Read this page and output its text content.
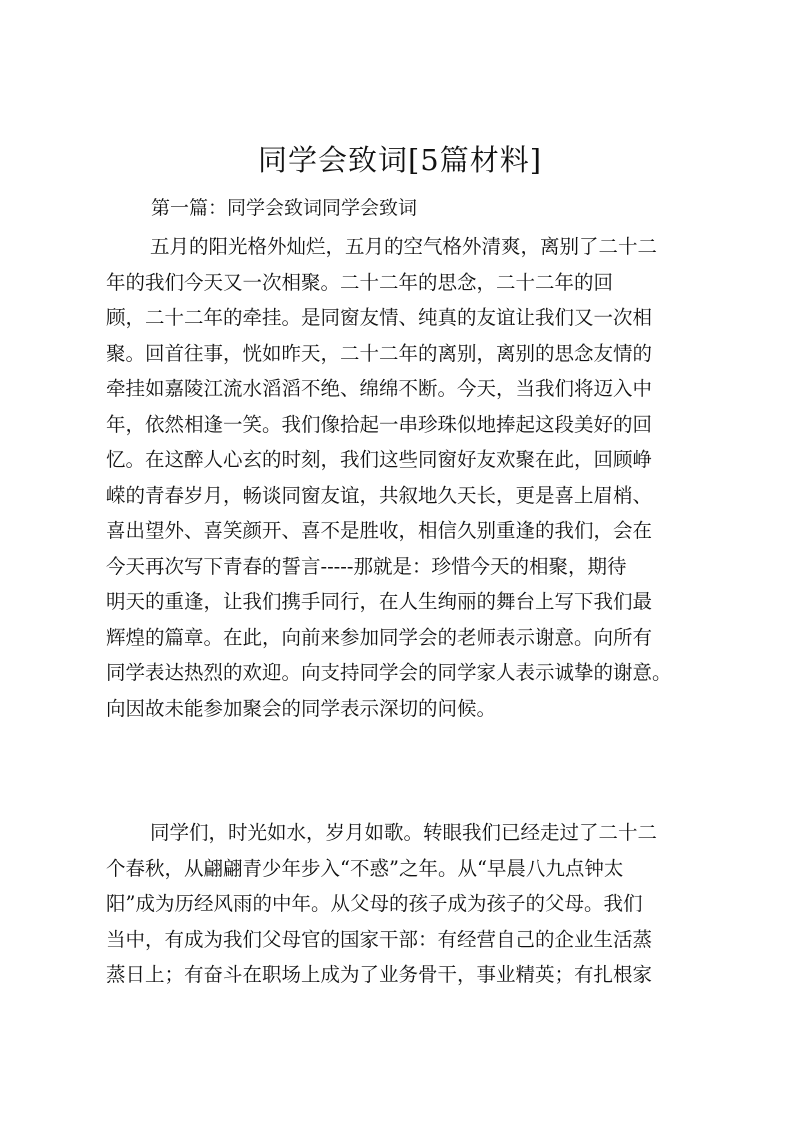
同学会致词[5篇材料]
第一篇：同学会致词同学会致词

五月的阳光格外灿烂，五月的空气格外清爽，离别了二十二
年的我们今天又一次相聚。二十二年的思念，二十二年的回
顾，二十二年的牵挂。是同窗友情、纯真的友谊让我们又一次相
聚。回首往事，恍如昨天，二十二年的离别，离别的思念友情的
牵挂如嘉陵江流水滔滔不绝、绵绵不断。今天，当我们将迈入中
年，依然相逢一笑。我们像拾起一串珍珠似地捧起这段美好的回
忆。在这醉人心玄的时刻，我们这些同窗好友欢聚在此，回顾峥
嵘的青春岁月，畅谈同窗友谊，共叙地久天长，更是喜上眉梢、
喜出望外、喜笑颜开、喜不是胜收，相信久别重逢的我们，会在
今天再次写下青春的誓言-----那就是：珍惜今天的相聚，期待
明天的重逢，让我们携手同行，在人生绚丽的舞台上写下我们最
辉煌的篇章。在此，向前来参加同学会的老师表示谢意。向所有
同学表达热烈的欢迎。向支持同学会的同学家人表示诚挚的谢意。
向因故未能参加聚会的同学表示深切的问候。

同学们，时光如水，岁月如歌。转眼我们已经走过了二十二
个春秋，从翩翩青少年步入“不惑”之年。从“早晨八九点钟太
阳”成为历经风雨的中年。从父母的孩子成为孩子的父母。我们
当中，有成为我们父母官的国家干部：有经营自己的企业生活蒸
蒸日上；有奋斗在职场上成为了业务骨干，事业精英；有扎根家
